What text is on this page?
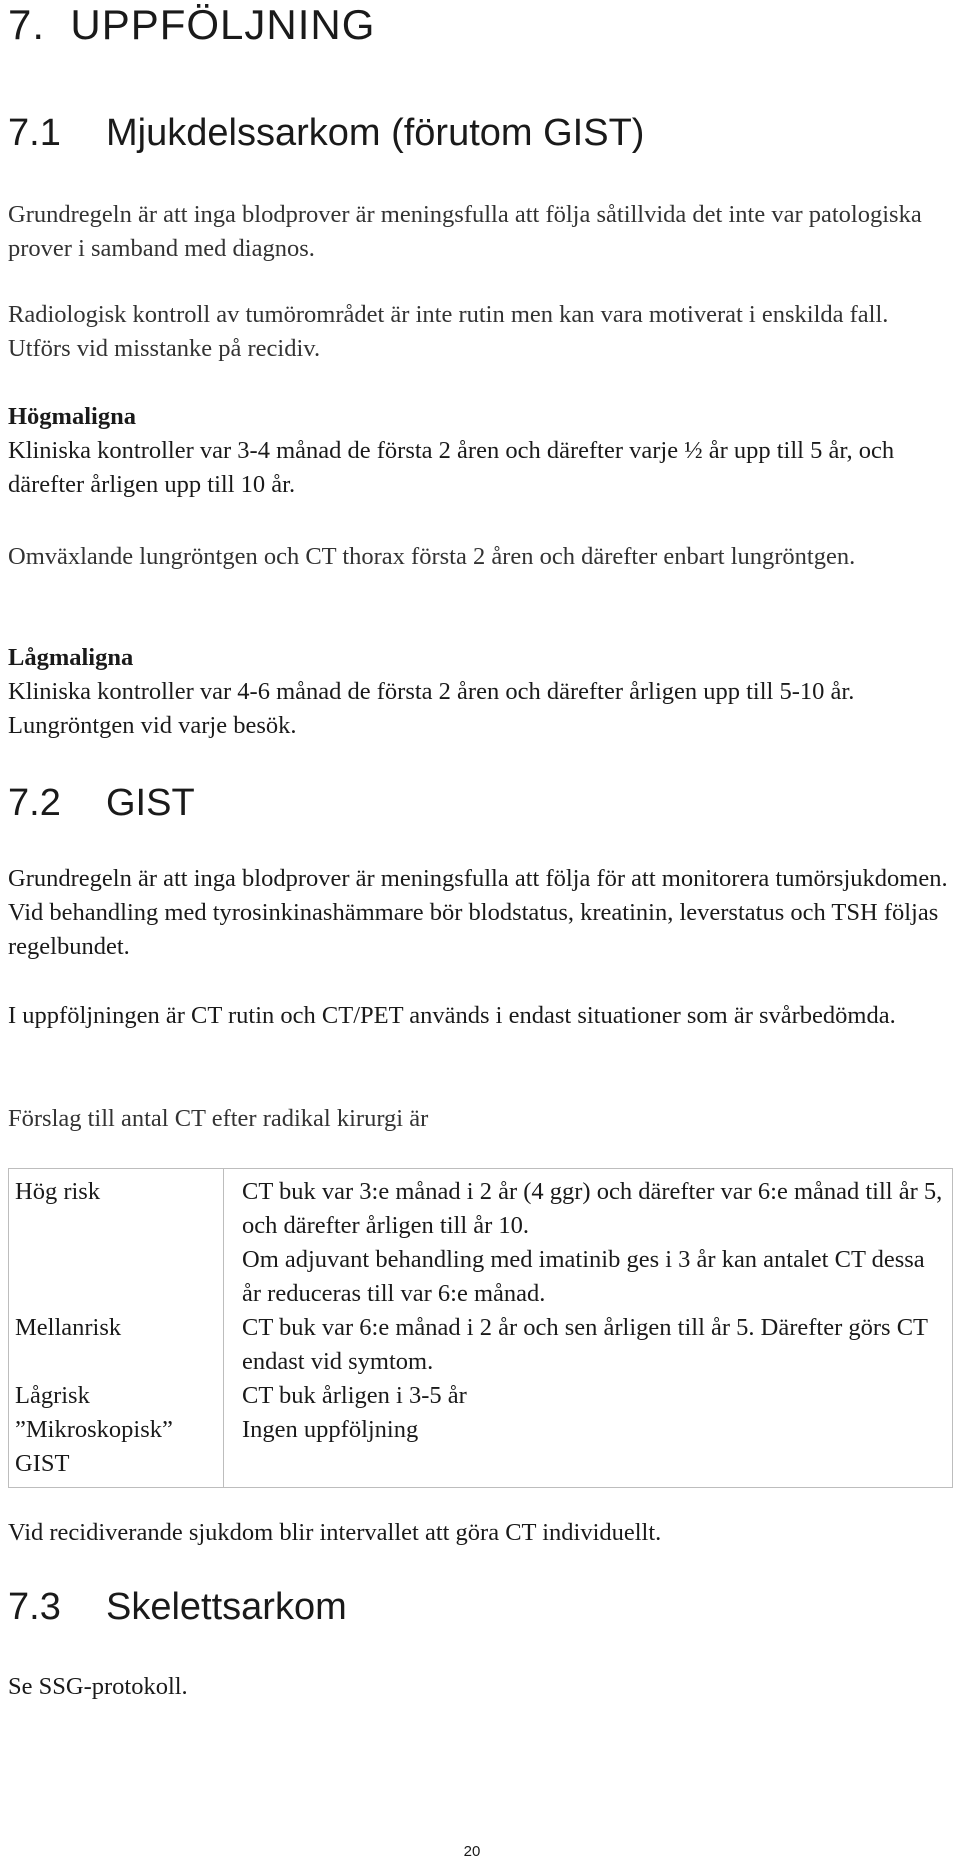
7. UPPFÖLJNING
7.1 Mjukdelssarkom (förutom GIST)

Grundregeln är att inga blodprover är meningsfulla att följa såtillvida det inte var patologiska prover i samband med diagnos.

Radiologisk kontroll av tumörområdet är inte rutin men kan vara motiverat i enskilda fall. Utförs vid misstanke på recidiv.

Högmaligna
Kliniska kontroller var 3-4 månad de första 2 åren och därefter varje ½ år upp till 5 år, och därefter årligen upp till 10 år.

Omväxlande lungröntgen och CT thorax första 2 åren och därefter enbart lungröntgen.

Lågmaligna
Kliniska kontroller var 4-6 månad de första 2 åren och därefter årligen upp till 5-10 år. Lungröntgen vid varje besök.
7.2 GIST

Grundregeln är att inga blodprover är meningsfulla att följa för att monitorera tumörsjukdomen. Vid behandling med tyrosinkinashämmare bör blodstatus, kreatinin, leverstatus och TSH följas regelbundet.

I uppföljningen är CT rutin och CT/PET används i endast situationer som är svårbedömda.

Förslag till antal CT efter radikal kirurgi är

Hög risk	CT buk var 3:e månad i 2 år (4 ggr) och därefter var 6:e månad till år 5, och därefter årligen till år 10.
Om adjuvant behandling med imatinib ges i 3 år kan antalet CT dessa år reduceras till var 6:e månad.

Mellanrisk	CT buk var 6:e månad i 2 år och sen årligen till år 5. Därefter görs CT endast vid symtom.
Lågrisk	CT buk årligen i 3-5 år
”Mikroskopisk” GIST	Ingen uppföljning

Vid recidiverande sjukdom blir intervallet att göra CT individuellt.

7.3 Skelettsarkom

Se SSG-protokoll.

20
